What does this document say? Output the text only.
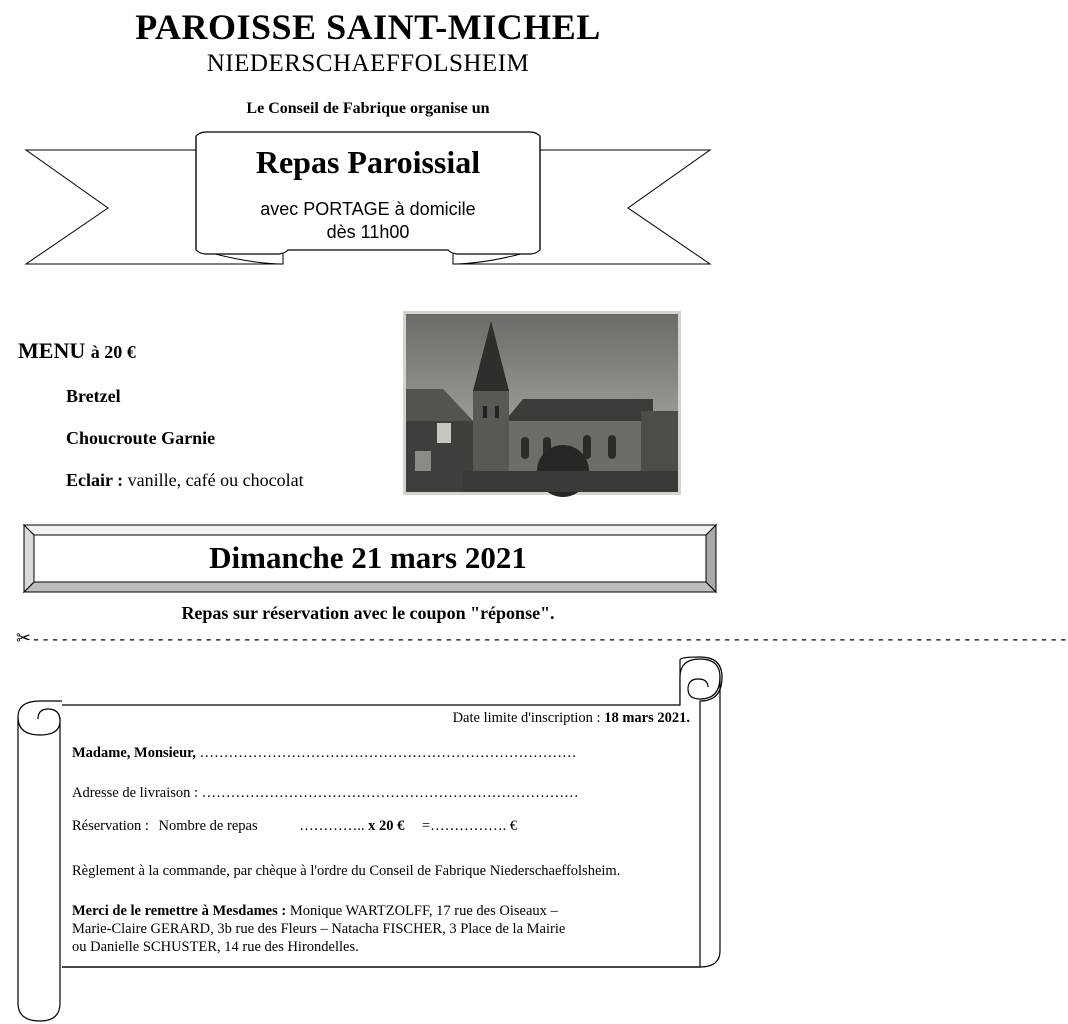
PAROISSE SAINT-MICHEL
NIEDERSCHAEFFOLSHEIM
Le Conseil de Fabrique organise un
Repas Paroissial
avec PORTAGE à domicile
dès 11h00
MENU à 20 €
Bretzel
Choucroute Garnie
Eclair : vanille, café ou chocolat
Dimanche 21 mars 2021
Repas sur réservation avec le coupon "réponse".
✂------------------------------------------------------------------------------------------------------------
Date limite d'inscription : 18 mars 2021.
Madame, Monsieur, ……………………………………………………………………
Adresse de livraison : ……………………………………………………………………
Réservation : Nombre de repas	………….. x 20 € =……………. €
Règlement à la commande, par chèque à l'ordre du Conseil de Fabrique Niederschaeffolsheim.
Merci de le remettre à Mesdames : Monique WARTZOLFF, 17 rue des Oiseaux –
Marie-Claire GERARD, 3b rue des Fleurs – Natacha FISCHER, 3 Place de la Mairie
ou Danielle SCHUSTER, 14 rue des Hirondelles.
